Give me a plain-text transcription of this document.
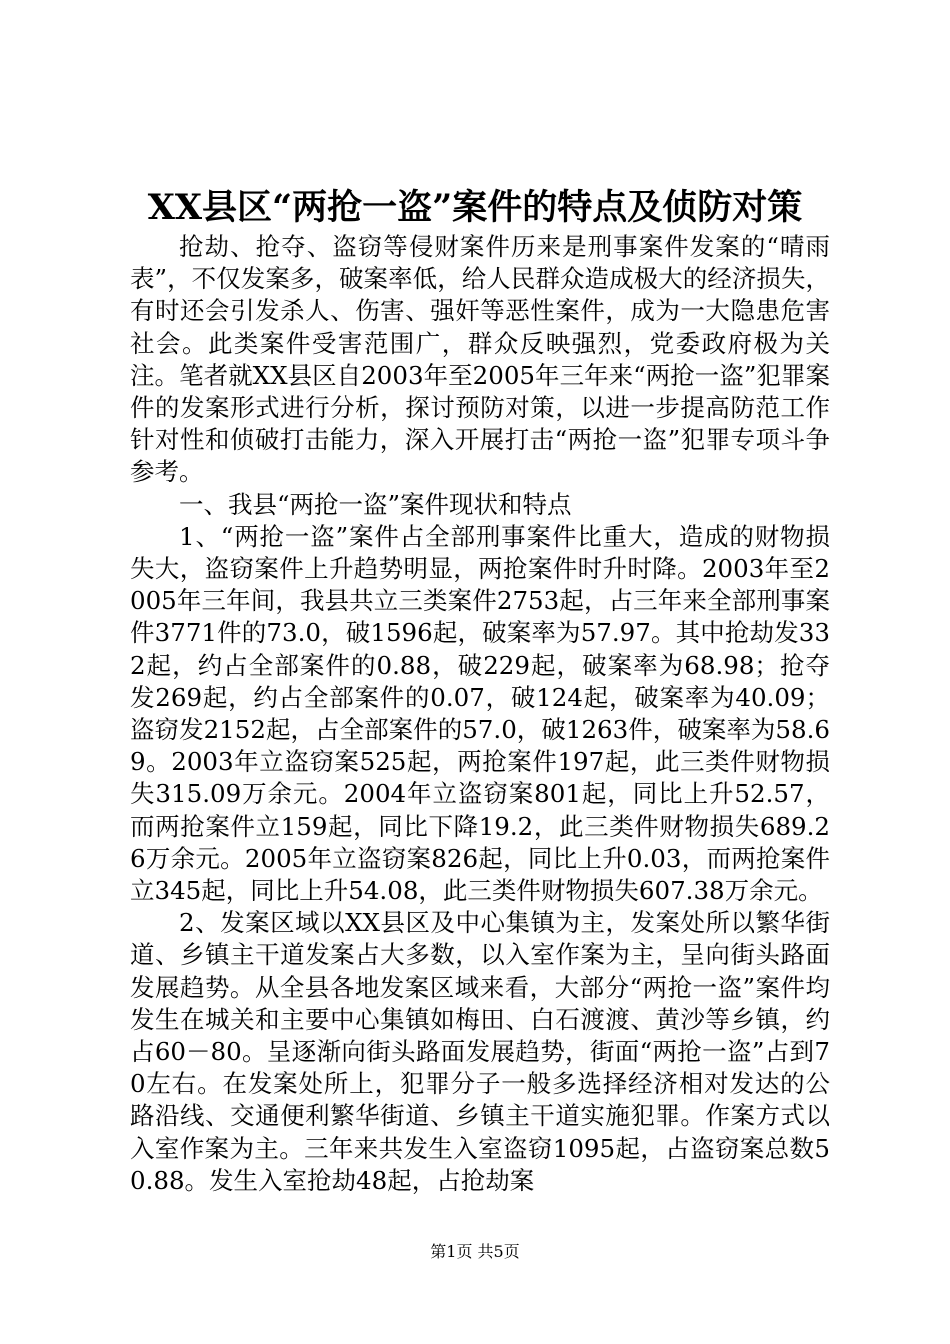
XX县区“两抢一盗”案件的特点及侦防对策

抢劫、抢夺、盗窃等侵财案件历来是刑事案件发案的“晴雨表”，不仅发案多，破案率低，给人民群众造成极大的经济损失，有时还会引发杀人、伤害、强奸等恶性案件，成为一大隐患危害社会。此类案件受害范围广，群众反映强烈，党委政府极为关注。笔者就XX县区自2003年至2005年三年来“两抢一盗”犯罪案件的发案形式进行分析，探讨预防对策，以进一步提高防范工作针对性和侦破打击能力，深入开展打击“两抢一盗”犯罪专项斗争参考。

一、我县“两抢一盗”案件现状和特点

1、“两抢一盗”案件占全部刑事案件比重大，造成的财物损失大，盗窃案件上升趋势明显，两抢案件时升时降。2003年至2005年三年间，我县共立三类案件2753起，占三年来全部刑事案件3771件的73.0，破1596起，破案率为57.97。其中抢劫发332起，约占全部案件的0.88，破229起，破案率为68.98；抢夺发269起，约占全部案件的0.07，破124起，破案率为40.09；盗窃发2152起，占全部案件的57.0，破1263件，破案率为58.69。2003年立盗窃案525起，两抢案件197起，此三类件财物损失315.09万余元。2004年立盗窃案801起，同比上升52.57，而两抢案件立159起，同比下降19.2，此三类件财物损失689.26万余元。2005年立盗窃案826起，同比上升0.03，而两抢案件立345起，同比上升54.08，此三类件财物损失607.38万余元。

2、发案区域以XX县区及中心集镇为主，发案处所以繁华街道、乡镇主干道发案占大多数，以入室作案为主，呈向街头路面发展趋势。从全县各地发案区域来看，大部分“两抢一盗”案件均发生在城关和主要中心集镇如梅田、白石渡渡、黄沙等乡镇，约占60－80。呈逐渐向街头路面发展趋势，街面“两抢一盗”占到70左右。在发案处所上，犯罪分子一般多选择经济相对发达的公路沿线、交通便利繁华街道、乡镇主干道实施犯罪。作案方式以入室作案为主。三年来共发生入室盗窃1095起，占盗窃案总数50.88。发生入室抢劫48起，占抢劫案

第1页 共5页
